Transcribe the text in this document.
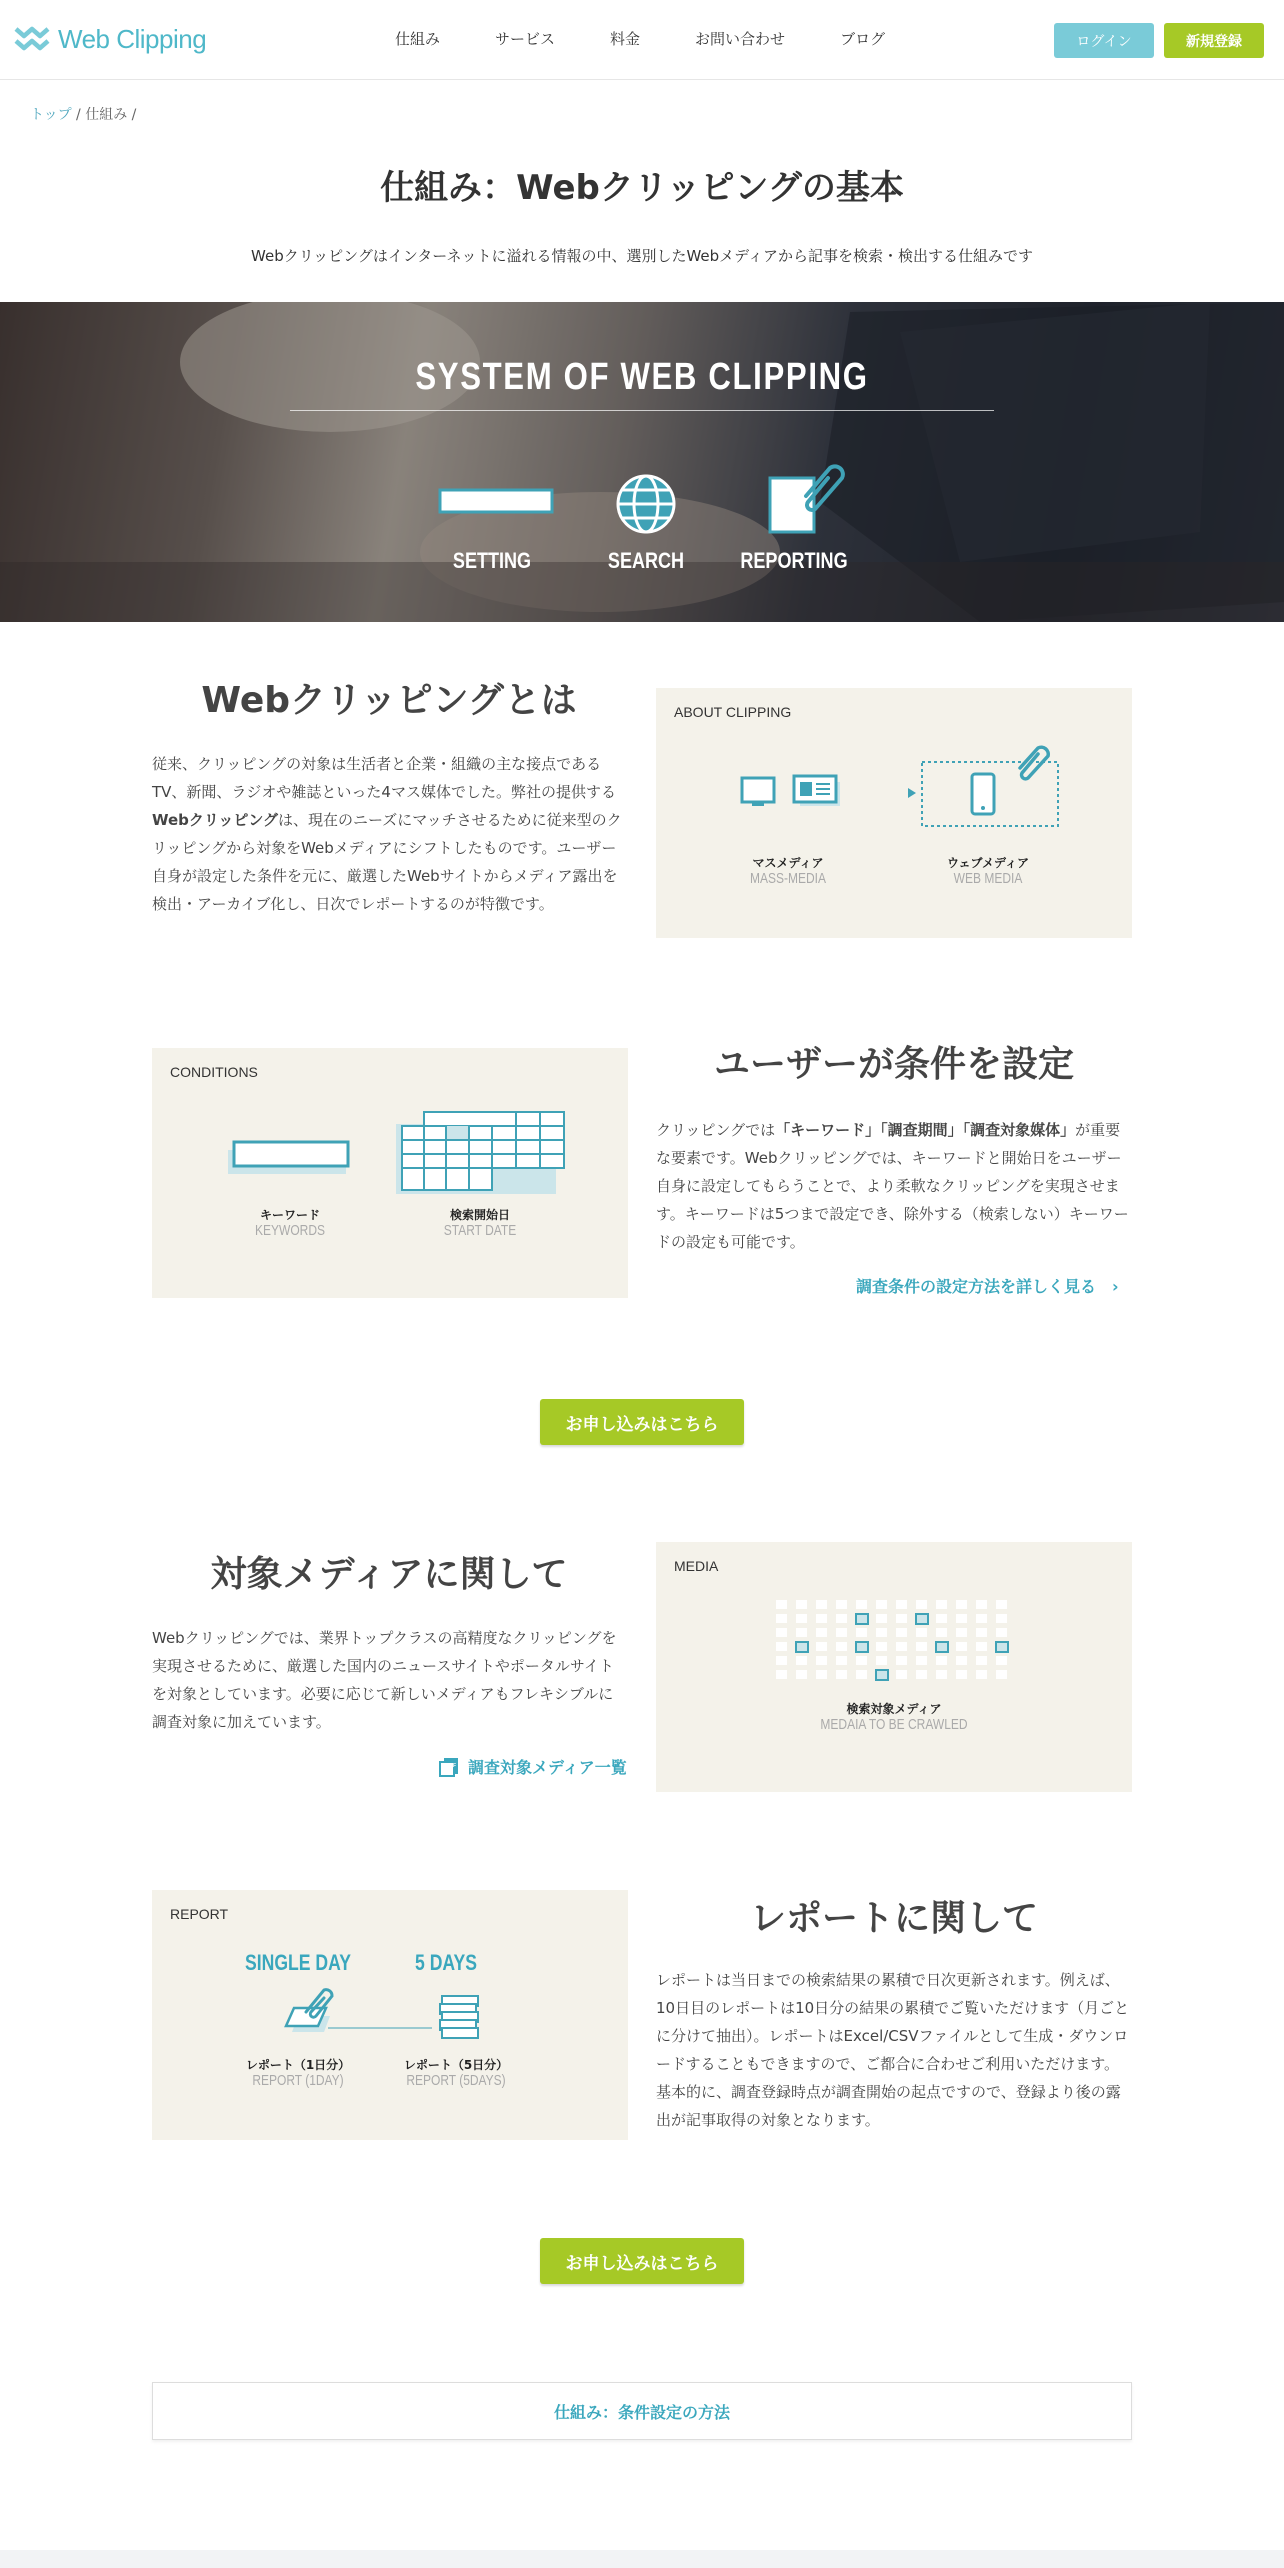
Web Clipping	仕組み	サービス	料金	お問い合わせ	ブログ	ログイン	新規登録
トップ / 仕組み /
仕組み：Webクリッピングの基本

Webクリッピングはインターネットに溢れる情報の中、選別したWebメディアから記事を検索・検出する仕組みです

SYSTEM OF WEB CLIPPING
SETTING	SEARCH	REPORTING
Webクリッピングとは

従来、クリッピングの対象は生活者と企業・組織の主な接点であるTV、新聞、ラジオや雑誌といった4マス媒体でした。弊社の提供するWebクリッピングは、現在のニーズにマッチさせるために従来型のクリッピングから対象をWebメディアにシフトしたものです。ユーザー自身が設定した条件を元に、厳選したWebサイトからメディア露出を検出・アーカイブ化し、日次でレポートするのが特徴です。

ABOUT CLIPPING
マスメディア
MASS-MEDIA
ウェブメディア
WEB MEDIA
CONDITIONS
キーワード
KEYWORDS
検索開始日
START DATE
ユーザーが条件を設定

クリッピングでは「キーワード」「調査期間」「調査対象媒体」が重要な要素です。Webクリッピングでは、キーワードと開始日をユーザー自身に設定してもらうことで、より柔軟なクリッピングを実現させます。キーワードは5つまで設定でき、除外する（検索しない）キーワードの設定も可能です。

調査条件の設定方法を詳しく見る　›
お申し込みはこちら
対象メディアに関して

Webクリッピングでは、業界トップクラスの高精度なクリッピングを実現させるために、厳選した国内のニュースサイトやポータルサイトを対象としています。必要に応じて新しいメディアもフレキシブルに調査対象に加えています。

PDF 調査対象メディア一覧
MEDIA
検索対象メディア
MEDAIA TO BE CRAWLED
REPORT
SINGLE DAY	5 DAYS
レポート（1日分）
REPORT (1DAY)
レポート（5日分）
REPORT (5DAYS)
レポートに関して

レポートは当日までの検索結果の累積で日次更新されます。例えば、10日目のレポートは10日分の結果の累積でご覧いただけます（月ごとに分けて抽出）。レポートはExcel/CSVファイルとして生成・ダウンロードすることもできますので、ご都合に合わせご利用いただけます。基本的に、調査登録時点が調査開始の起点ですので、登録より後の露出が記事取得の対象となります。

お申し込みはこちら
仕組み：条件設定の方法
